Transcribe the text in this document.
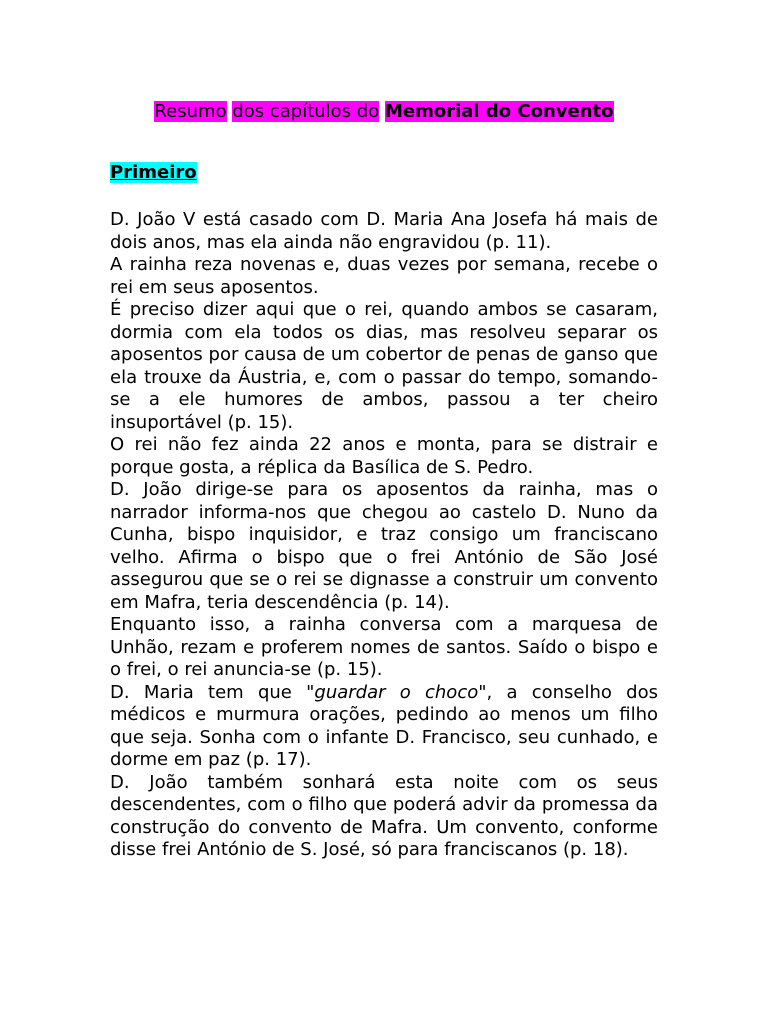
Resumo dos capítulos do Memorial do Convento

Primeiro

D. João V está casado com D. Maria Ana Josefa há mais de dois anos, mas ela ainda não engravidou (p. 11).

A rainha reza novenas e, duas vezes por semana, recebe o rei em seus aposentos.

É preciso dizer aqui que o rei, quando ambos se casaram, dormia com ela todos os dias, mas resolveu separar os aposentos por causa de um cobertor de penas de ganso que ela trouxe da Áustria, e, com o passar do tempo, somando-se a ele humores de ambos, passou a ter cheiro insuportável (p. 15).

O rei não fez ainda 22 anos e monta, para se distrair e porque gosta, a réplica da Basílica de S. Pedro.

D. João dirige-se para os aposentos da rainha, mas o narrador informa-nos que chegou ao castelo D. Nuno da Cunha, bispo inquisidor, e traz consigo um franciscano velho. Afirma o bispo que o frei António de São José assegurou que se o rei se dignasse a construir um convento em Mafra, teria descendência (p. 14).

Enquanto isso, a rainha conversa com a marquesa de Unhão, rezam e proferem nomes de santos. Saído o bispo e o frei, o rei anuncia-se (p. 15).

D. Maria tem que "guardar o choco", a conselho dos médicos e murmura orações, pedindo ao menos um filho que seja. Sonha com o infante D. Francisco, seu cunhado, e dorme em paz (p. 17).

D. João também sonhará esta noite com os seus descendentes, com o filho que poderá advir da promessa da construção do convento de Mafra. Um convento, conforme disse frei António de S. José, só para franciscanos (p. 18).
